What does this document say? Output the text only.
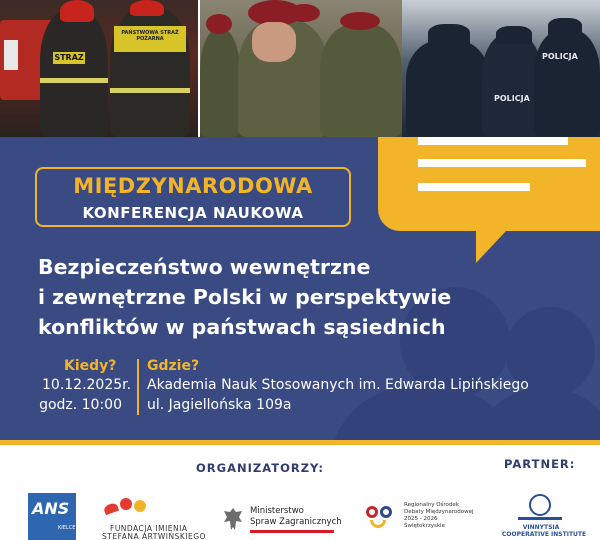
STRAZ
PAŃSTWOWA STRAŻ POŻARNA
POLICJA
POLICJA
MIĘDZYNARODOWA
KONFERENCJA NAUKOWA
Bezpieczeństwo wewnętrzne
i zewnętrzne Polski w perspektywie
konfliktów w państwach sąsiednich
Kiedy?
10.12.2025r.
godz. 10:00
Gdzie?
Akademia Nauk Stosowanych im. Edwarda Lipińskiego
ul. Jagiellońska 109a
ORGANIZATORZY:	PARTNER:
ANS
KIELCE	FUNDACJA IMIENIA
STEFANA ARTWIŃSKIEGO
Ministerstwo
Spraw Zagranicznych
Regionalny Ośrodek
Debaty Międzynarodowej
2025 - 2026
Świętokrzyskie	VINNYTSIA
COOPERATIVE INSTITUTE
